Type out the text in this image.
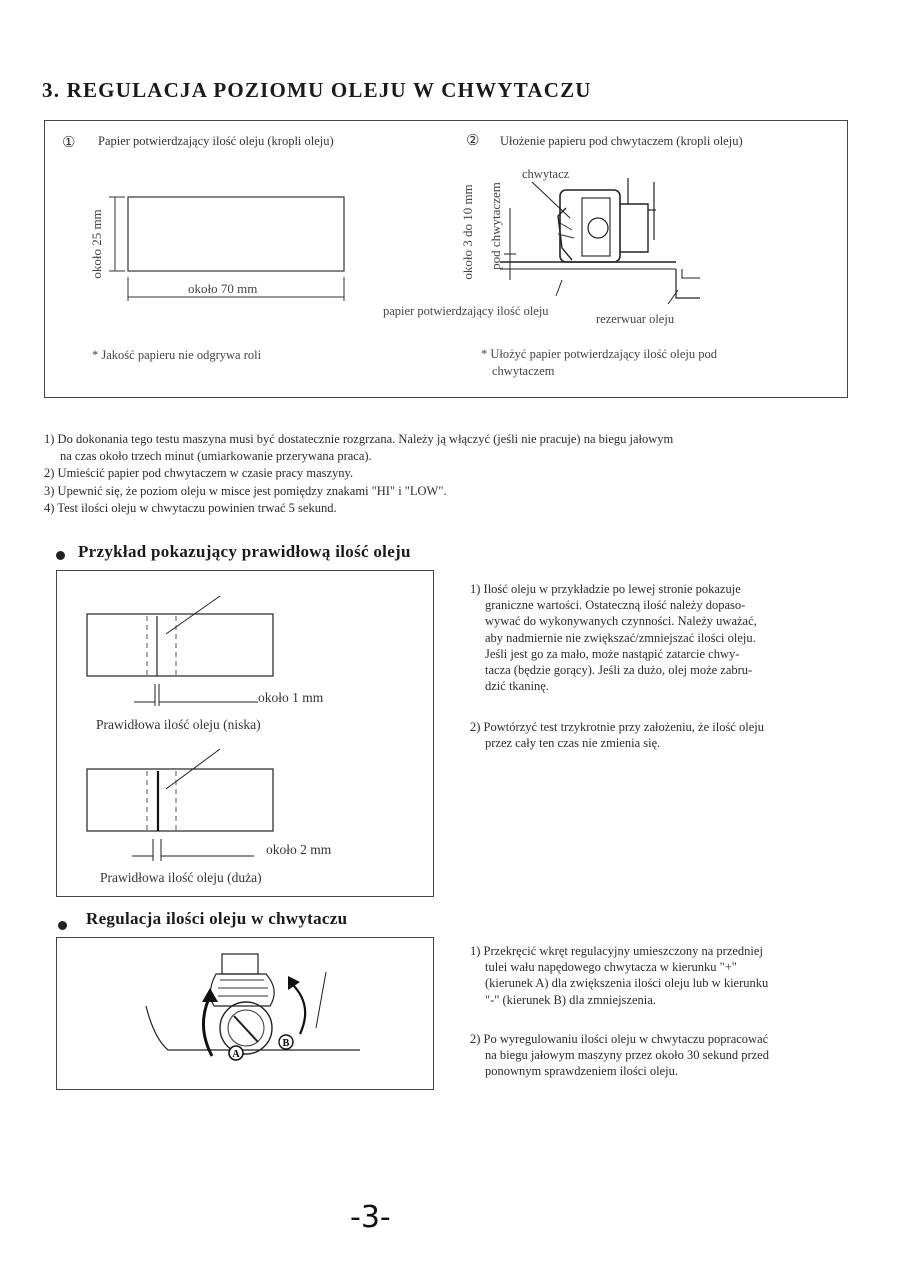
3. REGULACJA POZIOMU OLEJU W CHWYTACZU
① Papier potwierdzający ilość oleju (kropli oleju)
około 25 mm
około 70 mm
* Jakość papieru nie odgrywa roli
② Ułożenie papieru pod chwytaczem (kropli oleju)
około 3 do 10 mm pod chwytaczem
chwytacz
papier potwierdzający ilość oleju
rezerwuar oleju
* Ułożyć papier potwierdzający ilość oleju pod
chwytaczem
1) Do dokonania tego testu maszyna musi być dostatecznie rozgrzana. Należy ją włączyć (jeśli nie pracuje) na biegu jałowym
na czas około trzech minut (umiarkowanie przerywana praca).
2) Umieścić papier pod chwytaczem w czasie pracy maszyny.
3) Upewnić się, że poziom oleju w misce jest pomiędzy znakami "HI" i "LOW".
4) Test ilości oleju w chwytaczu powinien trwać 5 sekund.
Przykład pokazujący prawidłową ilość oleju
około 1 mm
Prawidłowa ilość oleju (niska)
około 2 mm
Prawidłowa ilość oleju (duża)
1) Ilość oleju w przykładzie po lewej stronie pokazuje
graniczne wartości. Ostateczną ilość należy dopaso-
wywać do wykonywanych czynności. Należy uważać,
aby nadmiernie nie zwiększać/zmniejszać ilości oleju.
Jeśli jest go za mało, może nastąpić zatarcie chwy-
tacza (będzie gorący). Jeśli za dużo, olej może zabru-
dzić tkaninę.
2) Powtórzyć test trzykrotnie przy założeniu, że ilość oleju
przez cały ten czas nie zmienia się.
Regulacja ilości oleju w chwytaczu
A
B
1) Przekręcić wkręt regulacyjny umieszczony na przedniej
tulei wału napędowego chwytacza w kierunku "+"
(kierunek A) dla zwiększenia ilości oleju lub w kierunku
"-" (kierunek B) dla zmniejszenia.
2) Po wyregulowaniu ilości oleju w chwytaczu popracować
na biegu jałowym maszyny przez około 30 sekund przed
ponownym sprawdzeniem ilości oleju.
-3-
